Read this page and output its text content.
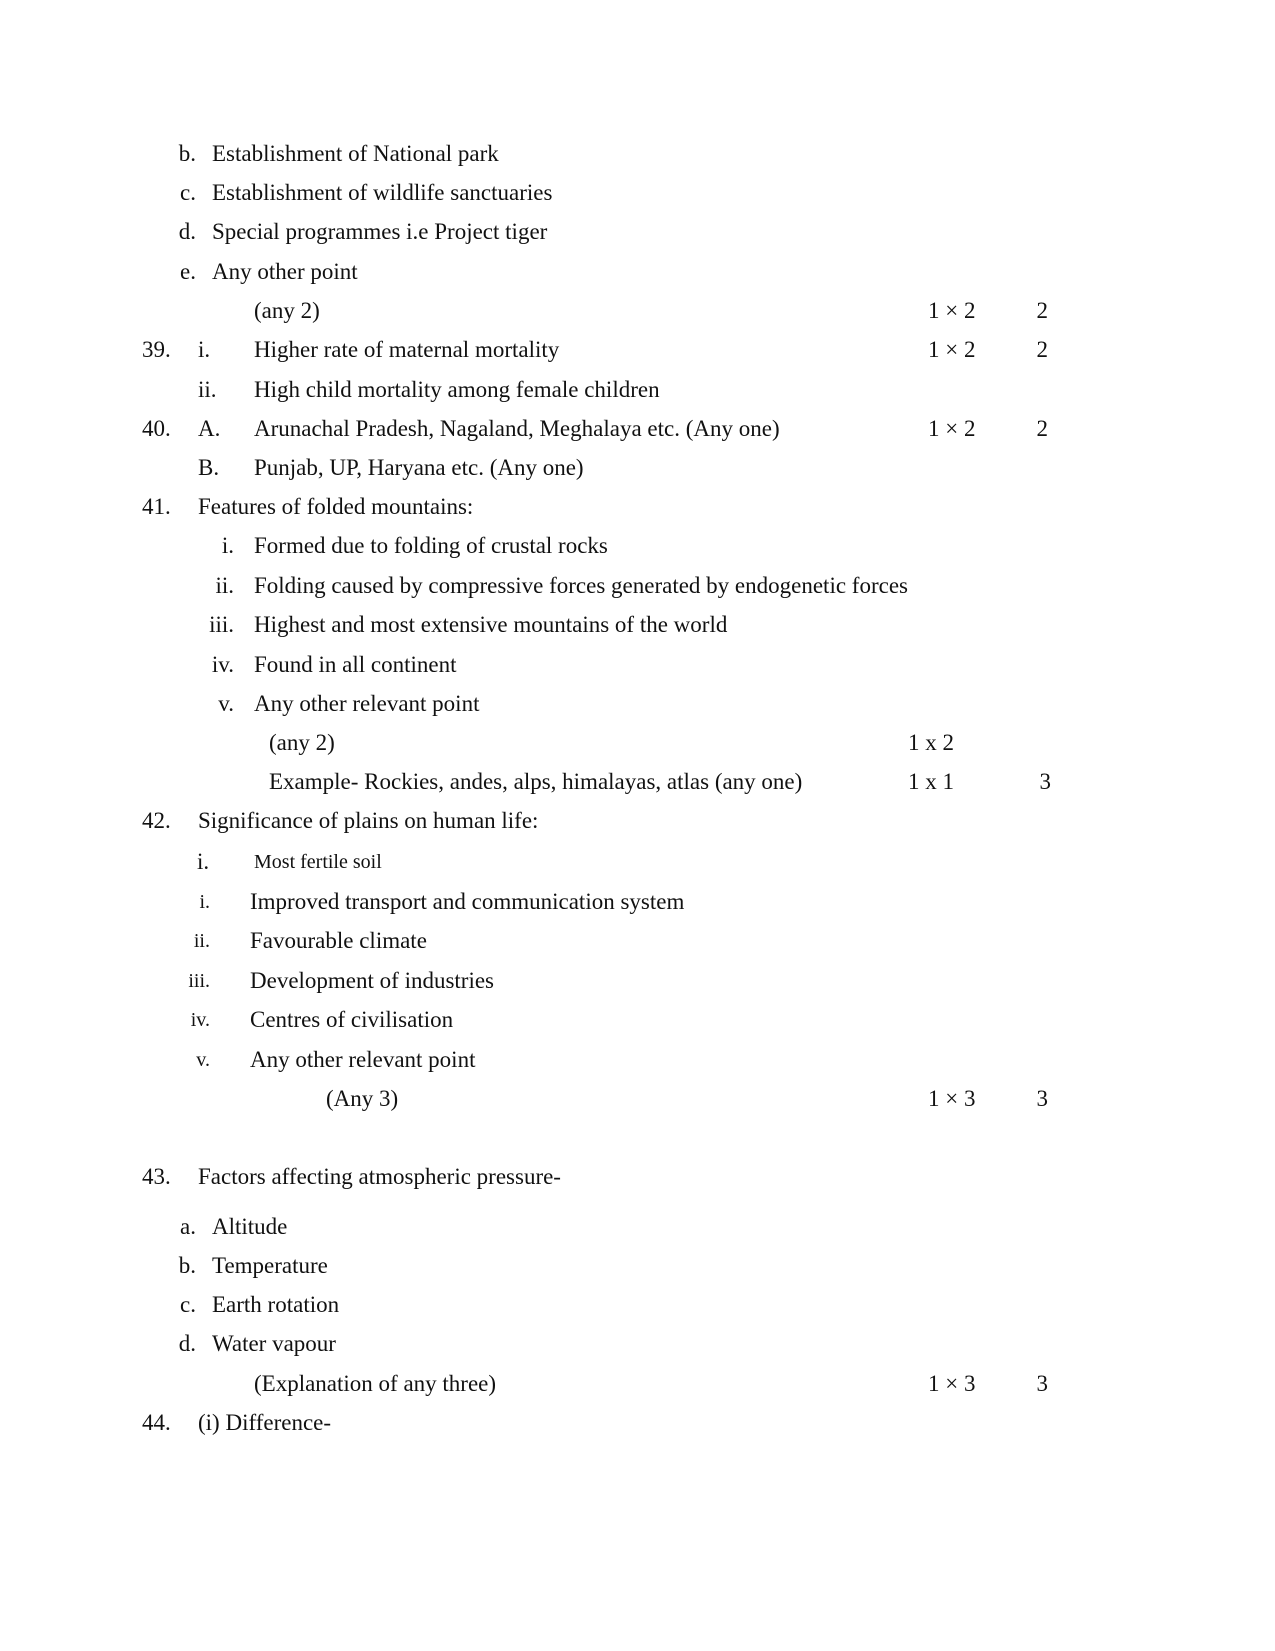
b. Establishment of National park
c. Establishment of wildlife sanctuaries
d. Special programmes i.e Project tiger
e. Any other point
(any 2)	1 × 2	2
39. i. Higher rate of maternal mortality	1 × 2	2
ii. High child mortality among female children
40. A. Arunachal Pradesh, Nagaland, Meghalaya etc. (Any one)	1 × 2	2
B. Punjab, UP, Haryana etc. (Any one)
41. Features of folded mountains:
i. Formed due to folding of crustal rocks
ii. Folding caused by compressive forces generated by endogenetic forces
iii. Highest and most extensive mountains of the world
iv. Found in all continent
v. Any other relevant point
(any 2)	1 x 2
Example- Rockies, andes, alps, himalayas, atlas (any one)	1 x 1	3
42. Significance of plains on human life:
i. Most fertile soil
i. Improved transport and communication system
ii. Favourable climate
iii. Development of industries
iv. Centres of civilisation
v. Any other relevant point
(Any 3)	1 × 3	3
43. Factors affecting atmospheric pressure-
a. Altitude
b. Temperature
c. Earth rotation
d. Water vapour
(Explanation of any three)	1 × 3	3
44. (i) Difference-
